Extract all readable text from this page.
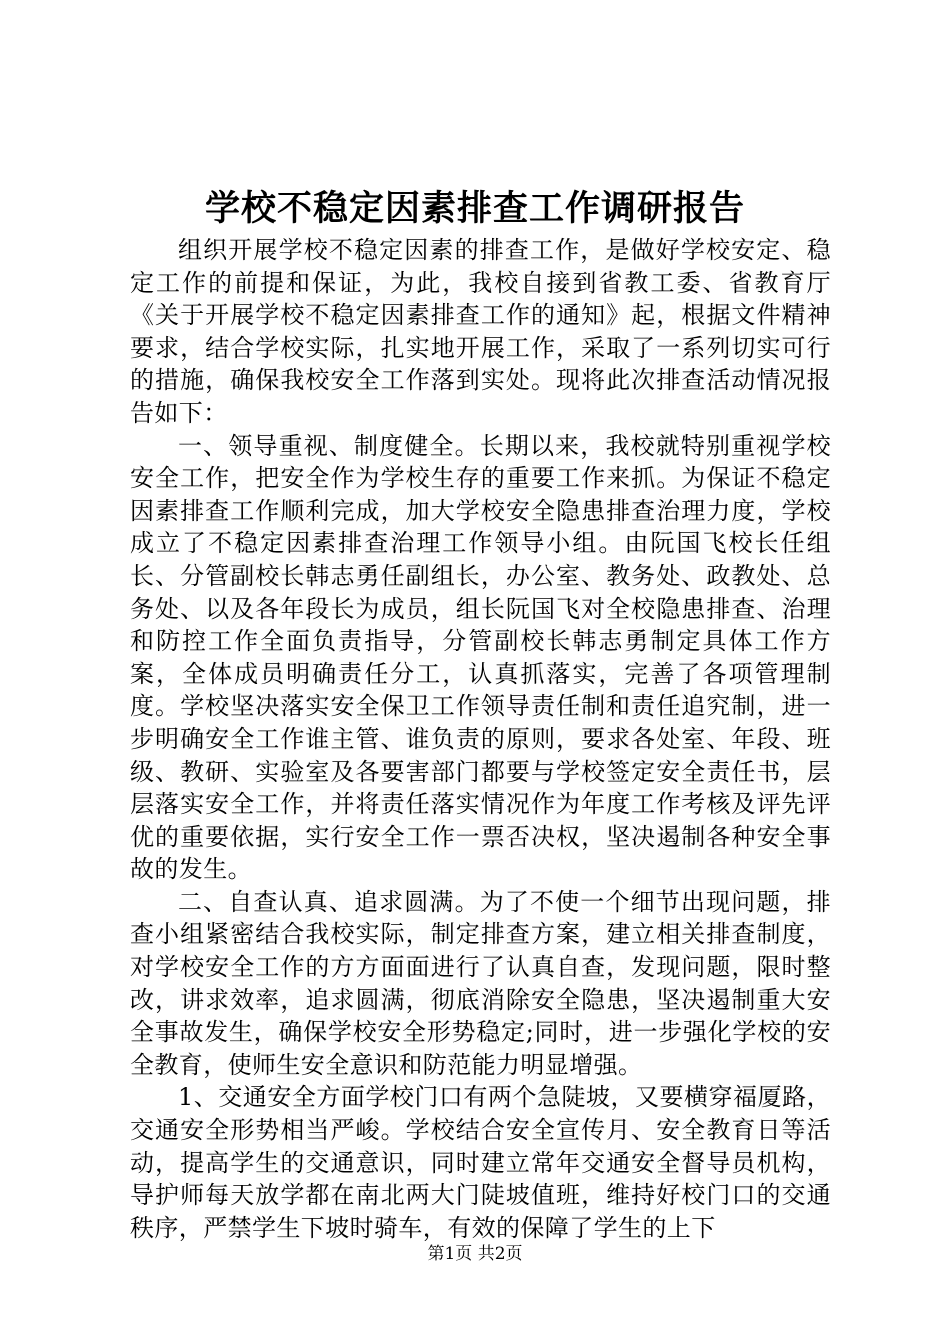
学校不稳定因素排查工作调研报告

组织开展学校不稳定因素的排查工作，是做好学校安定、稳定工作的前提和保证，为此，我校自接到省教工委、省教育厅《关于开展学校不稳定因素排查工作的通知》起，根据文件精神要求，结合学校实际，扎实地开展工作，采取了一系列切实可行的措施，确保我校安全工作落到实处。现将此次排查活动情况报告如下：

一、领导重视、制度健全。长期以来，我校就特别重视学校安全工作，把安全作为学校生存的重要工作来抓。为保证不稳定因素排查工作顺利完成，加大学校安全隐患排查治理力度，学校成立了不稳定因素排查治理工作领导小组。由阮国飞校长任组长、分管副校长韩志勇任副组长，办公室、教务处、政教处、总务处、以及各年段长为成员，组长阮国飞对全校隐患排查、治理和防控工作全面负责指导，分管副校长韩志勇制定具体工作方案，全体成员明确责任分工，认真抓落实，完善了各项管理制度。学校坚决落实安全保卫工作领导责任制和责任追究制，进一步明确安全工作谁主管、谁负责的原则，要求各处室、年段、班级、教研、实验室及各要害部门都要与学校签定安全责任书，层层落实安全工作，并将责任落实情况作为年度工作考核及评先评优的重要依据，实行安全工作一票否决权，坚决遏制各种安全事故的发生。

二、自查认真、追求圆满。为了不使一个细节出现问题，排查小组紧密结合我校实际，制定排查方案，建立相关排查制度，对学校安全工作的方方面面进行了认真自查，发现问题，限时整改，讲求效率，追求圆满，彻底消除安全隐患，坚决遏制重大安全事故发生，确保学校安全形势稳定;同时，进一步强化学校的安全教育，使师生安全意识和防范能力明显增强。

1、交通安全方面学校门口有两个急陡坡，又要横穿福厦路，交通安全形势相当严峻。学校结合安全宣传月、安全教育日等活动，提高学生的交通意识，同时建立常年交通安全督导员机构，导护师每天放学都在南北两大门陡坡值班，维持好校门口的交通秩序，严禁学生下坡时骑车，有效的保障了学生的上下

第1页 共2页
